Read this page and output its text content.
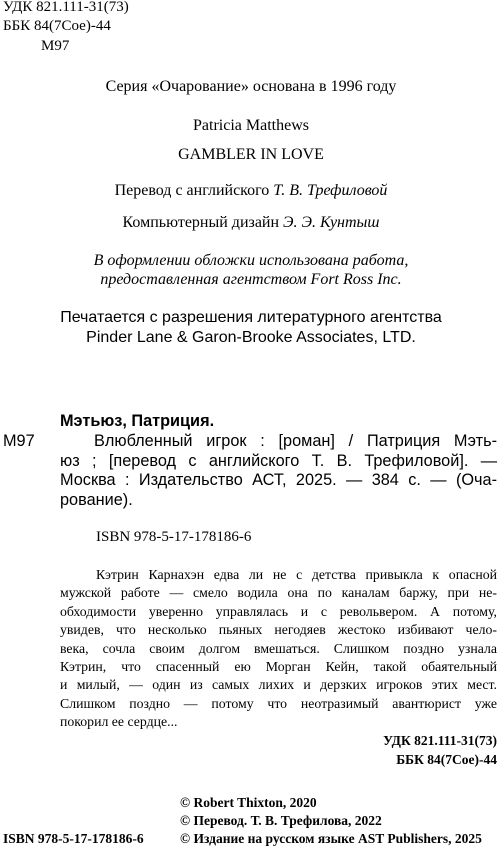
УДК 821.111-31(73)
ББК 84(7Сое)-44
М97
Серия «Очарование» основана в 1996 году
Patricia Matthews
GAMBLER IN LOVE
Перевод с английского Т. В. Трефиловой
Компьютерный дизайн Э. Э. Кунтыш
В оформлении обложки использована работа,
предоставленная агентством Fort Ross Inc.
Печатается с разрешения литературного агентства
Pinder Lane & Garon-Brooke Associates, LTD.
Мэтьюз, Патриция.
М97	Влюбленный игрок : [роман] / Патриция Мэть-
юз ; [перевод с английского Т. В. Трефиловой]. —
Москва : Издательство АСТ, 2025. — 384 с. — (Оча-
рование).
ISBN 978-5-17-178186-6
Кэтрин Карнахэн едва ли не с детства привыкла к опасной
мужской работе — смело водила она по каналам баржу, при не-
обходимости уверенно управлялась и с револьвером. А потому,
увидев, что несколько пьяных негодяев жестоко избивают чело-
века, сочла своим долгом вмешаться. Слишком поздно узнала
Кэтрин, что спасенный ею Морган Кейн, такой обаятельный
и милый, — один из самых лихих и дерзких игроков этих мест.
Слишком поздно — потому что неотразимый авантюрист уже
покорил ее сердце...
УДК 821.111-31(73)
ББК 84(7Сое)-44
© Robert Thixton, 2020
© Перевод. Т. В. Трефилова, 2022
© Издание на русском языке AST Publishers, 2025
ISBN 978-5-17-178186-6
